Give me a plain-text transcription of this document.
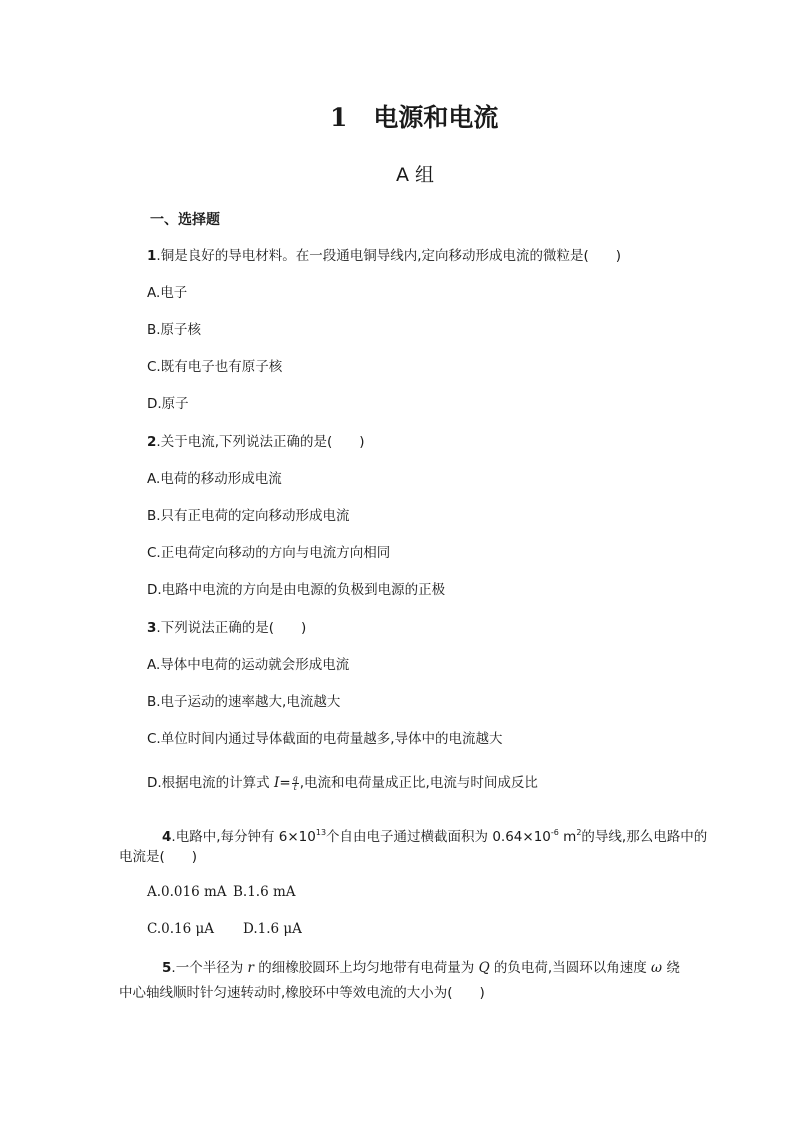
1 电源和电流
A 组
一、选择题
1.铜是良好的导电材料。在一段通电铜导线内,定向移动形成电流的微粒是(　　)
A.电子
B.原子核
C.既有电子也有原子核
D.原子
2.关于电流,下列说法正确的是(　　)
A.电荷的移动形成电流
B.只有正电荷的定向移动形成电流
C.正电荷定向移动的方向与电流方向相同
D.电路中电流的方向是由电源的负极到电源的正极
3.下列说法正确的是(　　)
A.导体中电荷的运动就会形成电流
B.电子运动的速率越大,电流越大
C.单位时间内通过导体截面的电荷量越多,导体中的电流越大
D.根据电流的计算式 $I= \frac{q}{t}$ ,电流和电荷量成正比,电流与时间成反比
4.电路中,每分钟有 $6\times 10^{13}$个自由电子通过横截面积为 $0.64\times 10^{-6}$ $m^2$的导线,那么电路中的
电流是(　　)
A.0.016 mA B.1.6 mA
C.0.16 μA D.1.6 μA
5.一个半径为 r 的细橡胶圆环上均匀地带有电荷量为 Q 的负电荷,当圆环以角速度 ω 绕
中心轴线顺时针匀速转动时,橡胶环中等效电流的大小为(　　)
